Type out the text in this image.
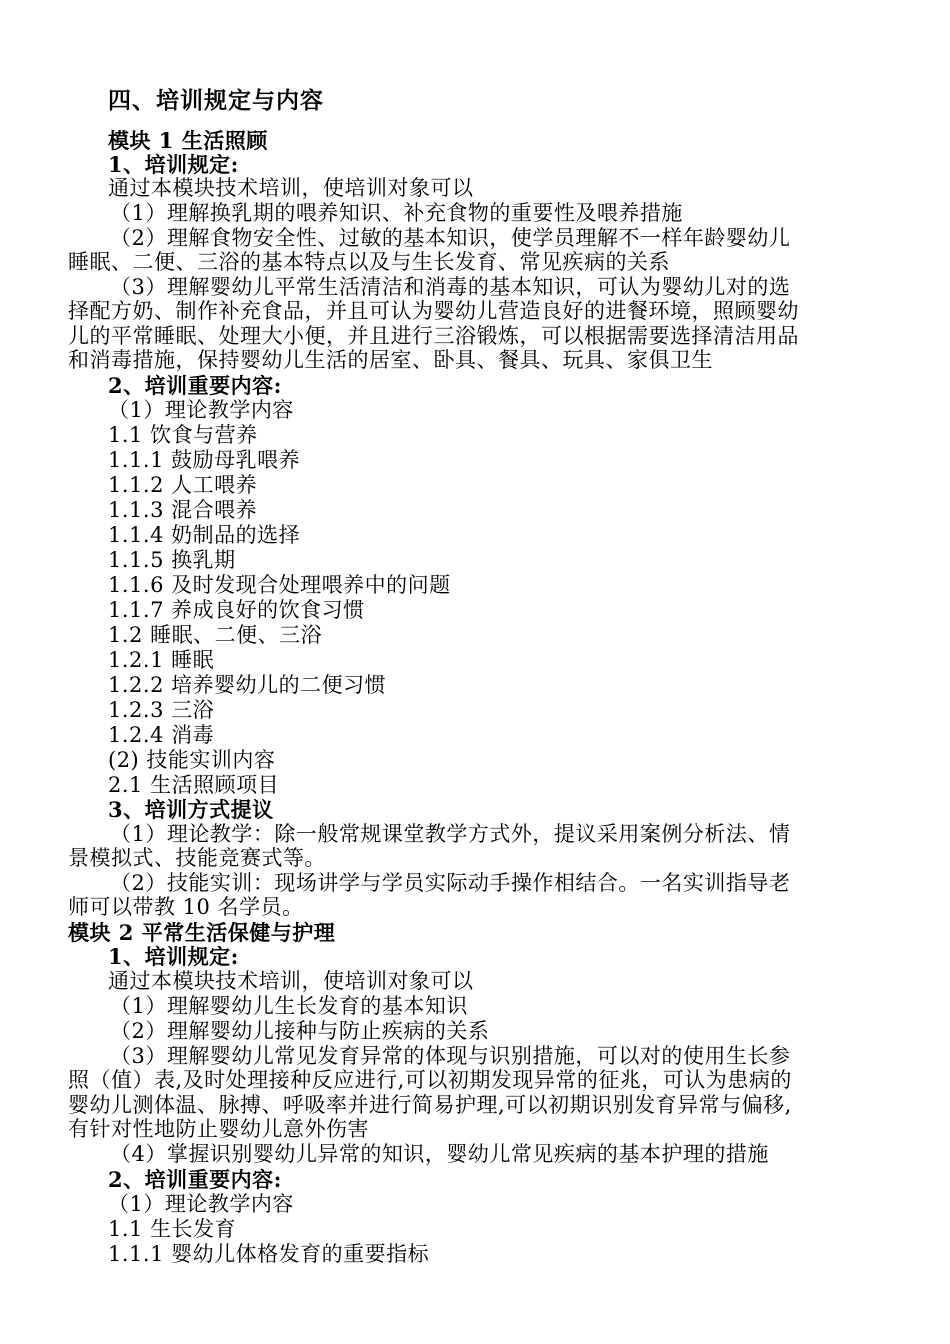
四、培训规定与内容
模块 1 生活照顾
1、培训规定:
通过本模块技术培训，使培训对象可以
（1）理解换乳期的喂养知识、补充食物的重要性及喂养措施
（2）理解食物安全性、过敏的基本知识，使学员理解不一样年龄婴幼儿
睡眠、二便、三浴的基本特点以及与生长发育、常见疾病的关系
（3）理解婴幼儿平常生活清洁和消毒的基本知识，可认为婴幼儿对的选
择配方奶、制作补充食品，并且可认为婴幼儿营造良好的进餐环境，照顾婴幼
儿的平常睡眠、处理大小便，并且进行三浴锻炼，可以根据需要选择清洁用品
和消毒措施，保持婴幼儿生活的居室、卧具、餐具、玩具、家俱卫生
2、培训重要内容:
（1）理论教学内容
1.1 饮食与营养
1.1.1 鼓励母乳喂养
1.1.2 人工喂养
1.1.3 混合喂养
1.1.4 奶制品的选择
1.1.5 换乳期
1.1.6 及时发现合处理喂养中的问题
1.1.7 养成良好的饮食习惯
1.2 睡眠、二便、三浴
1.2.1 睡眠
1.2.2 培养婴幼儿的二便习惯
1.2.3 三浴
1.2.4 消毒
(2) 技能实训内容
2.1 生活照顾项目
3、培训方式提议
（1）理论教学：除一般常规课堂教学方式外，提议采用案例分析法、情
景模拟式、技能竞赛式等。
（2）技能实训：现场讲学与学员实际动手操作相结合。一名实训指导老
师可以带教 10 名学员。
模块 2 平常生活保健与护理
1、培训规定:
通过本模块技术培训，使培训对象可以
（1）理解婴幼儿生长发育的基本知识
（2）理解婴幼儿接种与防止疾病的关系
（3）理解婴幼儿常见发育异常的体现与识别措施，可以对的使用生长参
照（值）表,及时处理接种反应进行,可以初期发现异常的征兆，可认为患病的
婴幼儿测体温、脉搏、呼吸率并进行简易护理,可以初期识别发育异常与偏移,
有针对性地防止婴幼儿意外伤害
（4）掌握识别婴幼儿异常的知识，婴幼儿常见疾病的基本护理的措施
2、培训重要内容:
（1）理论教学内容
1.1 生长发育
1.1.1 婴幼儿体格发育的重要指标
